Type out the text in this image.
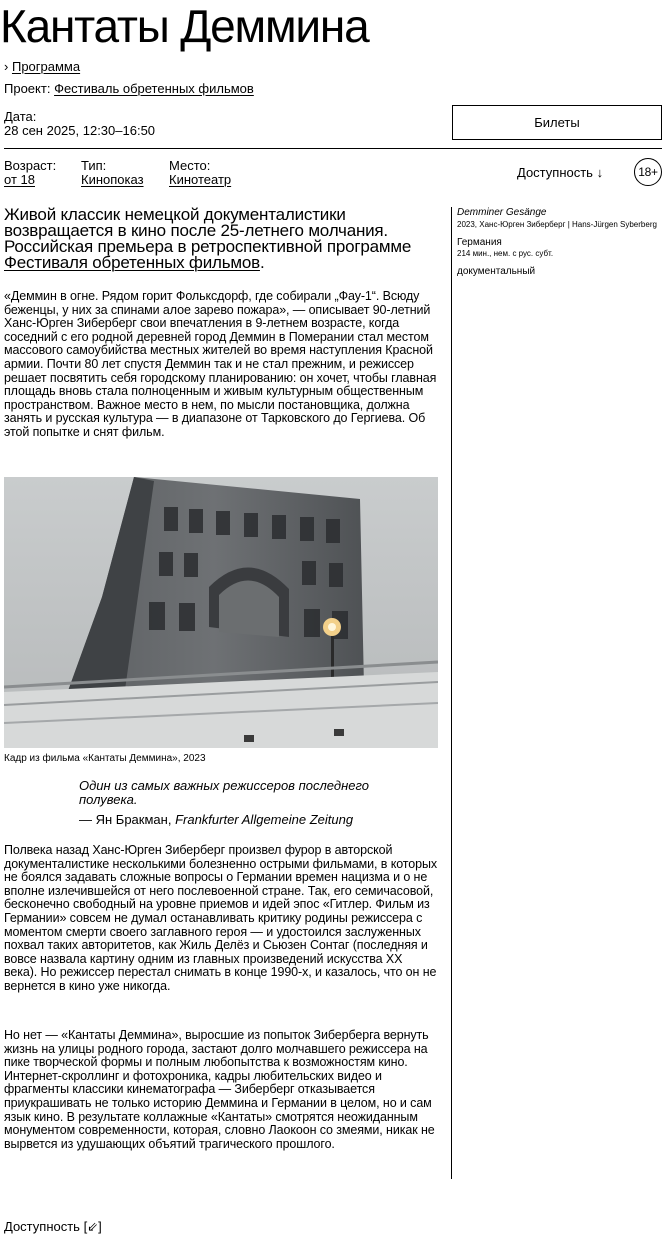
Кантаты Деммина
› Программа
Проект: Фестиваль обретенных фильмов
Дата:
28 сен 2025, 12:30–16:50
Билеты
Возраст:
от 18
Тип:
Кинопоказ
Место:
Кинотеатр	Доступность ↓	18+

Живой классик немецкой документалистики возвращается в кино после 25-летнего молчания. Российская премьера в ретроспективной программе Фестиваля обретенных фильмов.

«Деммин в огне. Рядом горит Фольксдорф, где собирали „Фау-1“. Всюду беженцы, у них за спинами алое зарево пожара», — описывает 90-летний Ханс-Юрген Зиберберг свои впечатления в 9-летнем возрасте, когда соседний с его родной деревней город Деммин в Померании стал местом массового самоубийства местных жителей во время наступления Красной армии. Почти 80 лет спустя Деммин так и не стал прежним, и режиссер решает посвятить себя городскому планированию: он хочет, чтобы главная площадь вновь стала полноценным и живым культурным общественным пространством. Важное место в нем, по мысли постановщика, должна занять и русская культура — в диапазоне от Тарковского до Гергиева. Об этой попытке и снят фильм.

Кадр из фильма «Кантаты Деммина», 2023

Один из самых важных режиссеров последнего полувека.

— Ян Бракман, Frankfurter Allgemeine Zeitung

Полвека назад Ханс-Юрген Зиберберг произвел фурор в авторской документалистике несколькими болезненно острыми фильмами, в которых не боялся задавать сложные вопросы о Германии времен нацизма и о не вполне излечившейся от него послевоенной стране. Так, его семичасовой, бесконечно свободный на уровне приемов и идей эпос «Гитлер. Фильм из Германии» совсем не думал останавливать критику родины режиссера с моментом смерти своего заглавного героя — и удостоился заслуженных похвал таких авторитетов, как Жиль Делёз и Сьюзен Сонтаг (последняя и вовсе назвала картину одним из главных произведений искусства XX века). Но режиссер перестал снимать в конце 1990-х, и казалось, что он не вернется в кино уже никогда.

Но нет — «Кантаты Деммина», выросшие из попыток Зиберберга вернуть жизнь на улицы родного города, застают долго молчавшего режиссера на пике творческой формы и полным любопытства к возможностям кино. Интернет-скроллинг и фотохроника, кадры любительских видео и фрагменты классики кинематографа — Зиберберг отказывается приукрашивать не только историю Деммина и Германии в целом, но и сам язык кино. В результате коллажные «Кантаты» смотрятся неожиданным монументом современности, которая, словно Лаокоон со змеями, никак не вырвется из удушающих объятий трагического прошлого.

Demminer Gesänge
2023, Ханс-Юрген Зиберберг | Hans-Jürgen Syberberg
Германия
214 мин., нем. с рус. субт.
документальный
Доступность [⇙]
